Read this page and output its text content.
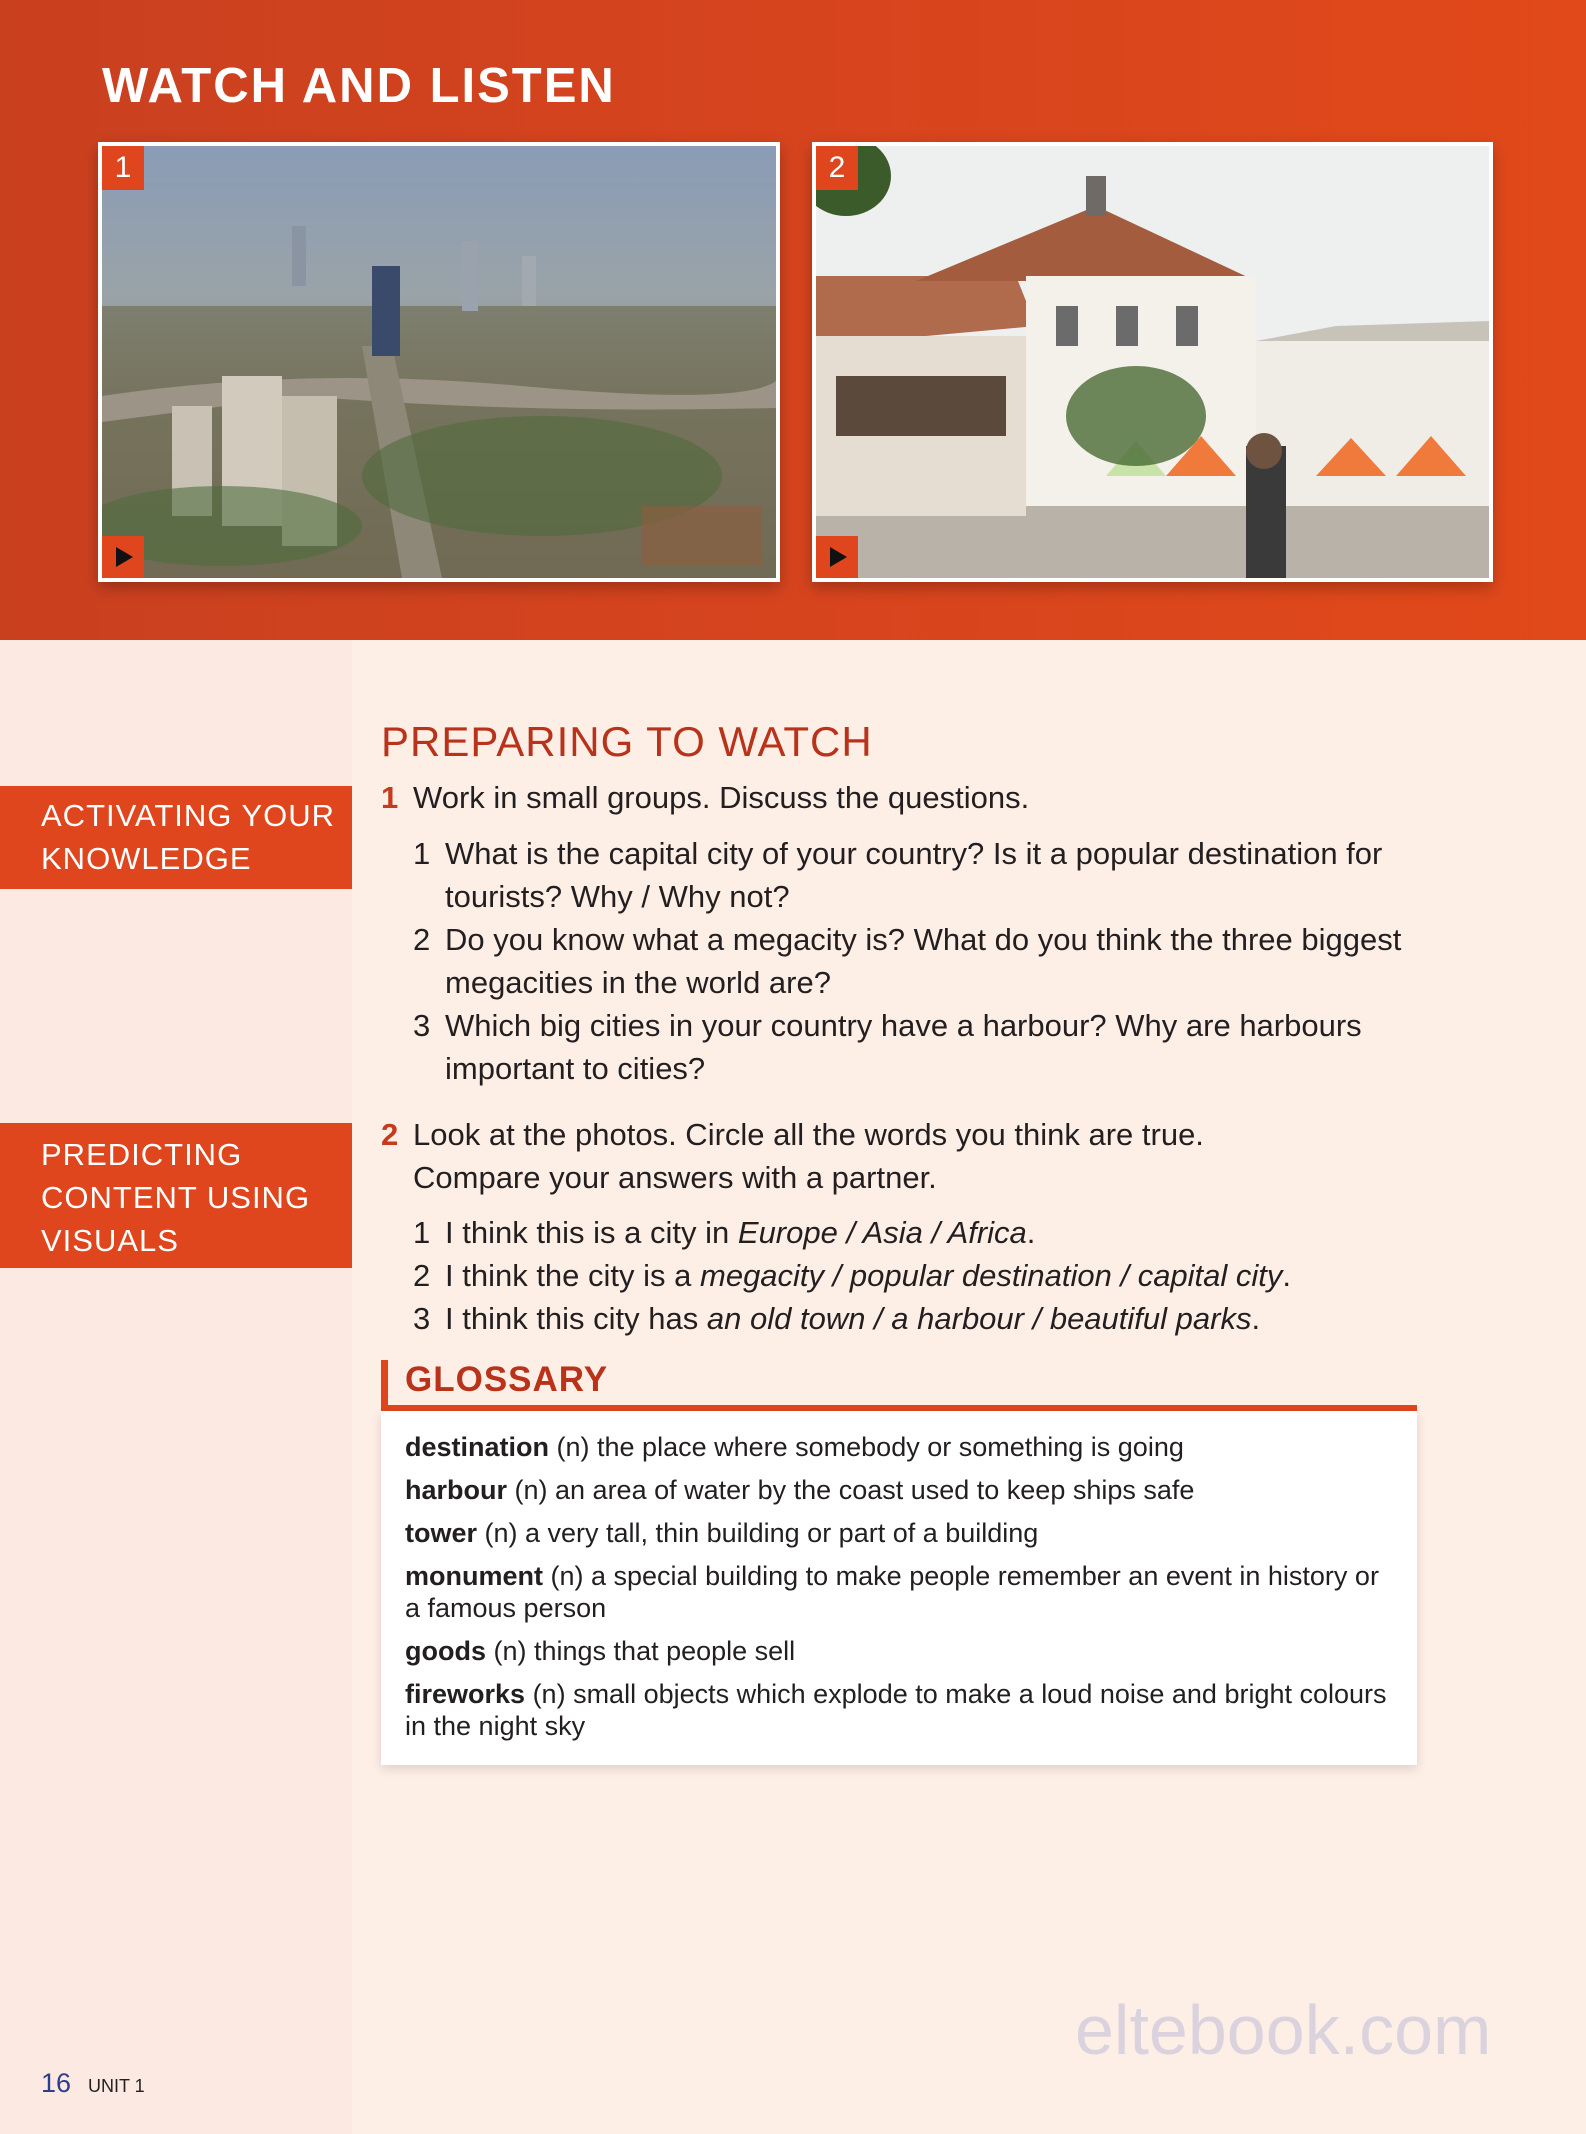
WATCH AND LISTEN
1	2
ACTIVATING YOUR KNOWLEDGE
PREDICTING CONTENT USING VISUALS
PREPARING TO WATCH
1 Work in small groups. Discuss the questions.
1 What is the capital city of your country? Is it a popular destination for tourists? Why / Why not?
2 Do you know what a megacity is? What do you think the three biggest megacities in the world are?
3 Which big cities in your country have a harbour? Why are harbours important to cities?
2 Look at the photos. Circle all the words you think are true.
Compare your answers with a partner.
1 I think this is a city in Europe / Asia / Africa.
2 I think the city is a megacity / popular destination / capital city.
3 I think this city has an old town / a harbour / beautiful parks.
GLOSSARY
destination (n) the place where somebody or something is going
harbour (n) an area of water by the coast used to keep ships safe
tower (n) a very tall, thin building or part of a building
monument (n) a special building to make people remember an event in history or a famous person
goods (n) things that people sell
fireworks (n) small objects which explode to make a loud noise and bright colours in the night sky
16 UNIT 1
eltebook.com
